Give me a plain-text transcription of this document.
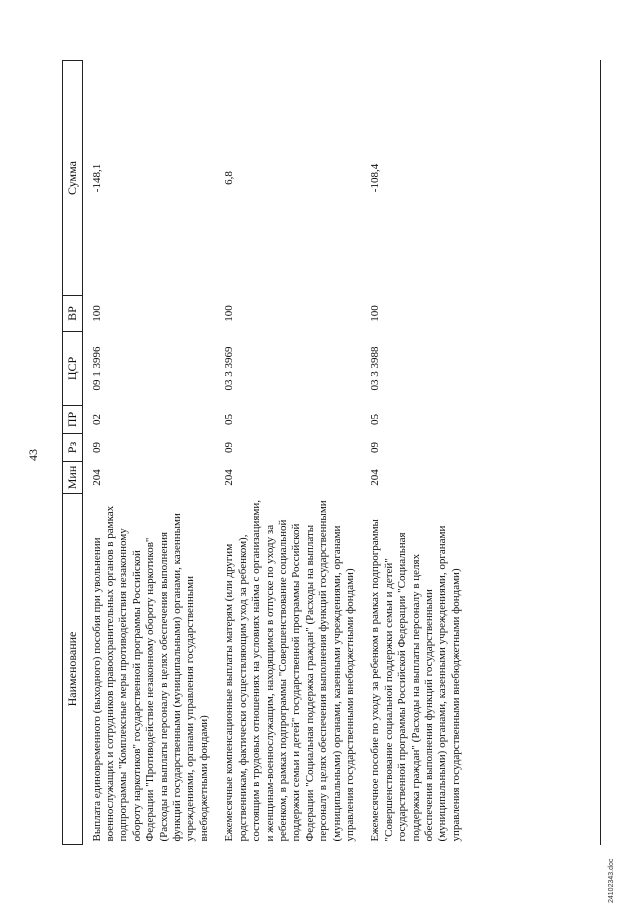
43
Наименование	Мин	Рз	ПР	ЦСР	ВР	Сумма
Выплата единовременного (выходного) пособия при увольнении военнослужащих и сотрудников правоохранительных органов в рамках подпрограммы "Комплексные меры противодействия незаконному обороту наркотиков" государственной программы Российской Федерации "Противодействие незаконному обороту наркотиков" (Расходы на выплаты персоналу в целях обеспечения выполнения функций государственными (муниципальными) органами, казенными учреждениями, органами управления государственными внебюджетными фондами)	204	09	02	09 1 3996	100	-148,1
Ежемесячные компенсационные выплаты матерям (или другим родственникам, фактически осуществляющим уход за ребенком), состоящим в трудовых отношениях на условиях найма с организациями, и женщинам-военнослужащим, находящимся в отпуске по уходу за ребенком, в рамках подпрограммы "Совершенствование социальной поддержки семьи и детей" государственной программы Российской Федерации "Социальная поддержка граждан" (Расходы на выплаты персоналу в целях обеспечения выполнения функций государственными (муниципальными) органами, казенными учреждениями, органами управления государственными внебюджетными фондами)	204	09	05	03 3 3969	100	6,8
Ежемесячное пособие по уходу за ребенком в рамках подпрограммы "Совершенствование социальной поддержки семьи и детей" государственной программы Российской Федерации "Социальная поддержка граждан" (Расходы на выплаты персоналу в целях обеспечения выполнения функций государственными (муниципальными) органами, казенными учреждениями, органами управления государственными внебюджетными фондами)	204	09	05	03 3 3988	100	-108,4
24102343.doc
